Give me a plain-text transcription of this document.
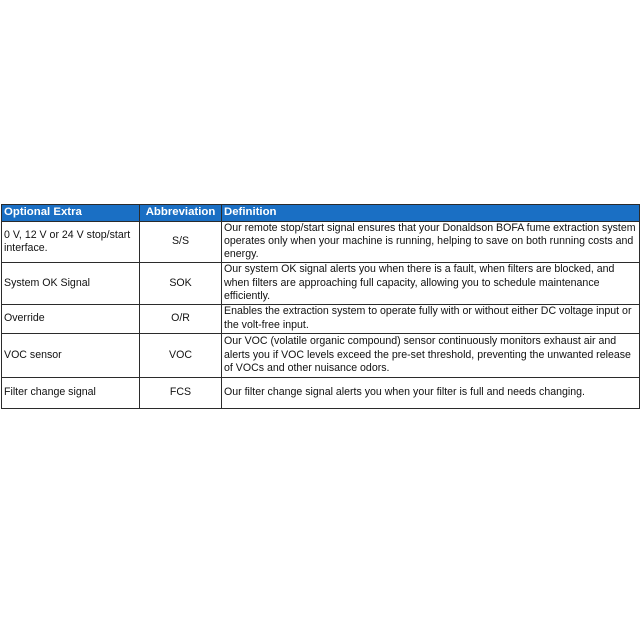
Optional Extra	Abbreviation	Definition
0 V, 12 V or 24 V stop/start interface.	S/S	Our remote stop/start signal ensures that your Donaldson BOFA fume extraction system operates only when your machine is running, helping to save on both running costs and energy.
System OK Signal	SOK	Our system OK signal alerts you when there is a fault, when filters are blocked, and when filters are approaching full capacity, allowing you to schedule maintenance efficiently.
Override	O/R	Enables the extraction system to operate fully with or without either DC voltage input or the volt-free input.
VOC sensor	VOC	Our VOC (volatile organic compound) sensor continuously monitors exhaust air and alerts you if VOC levels exceed the pre-set threshold, preventing the unwanted release of VOCs and other nuisance odors.
Filter change signal	FCS	Our filter change signal alerts you when your filter is full and needs changing.
